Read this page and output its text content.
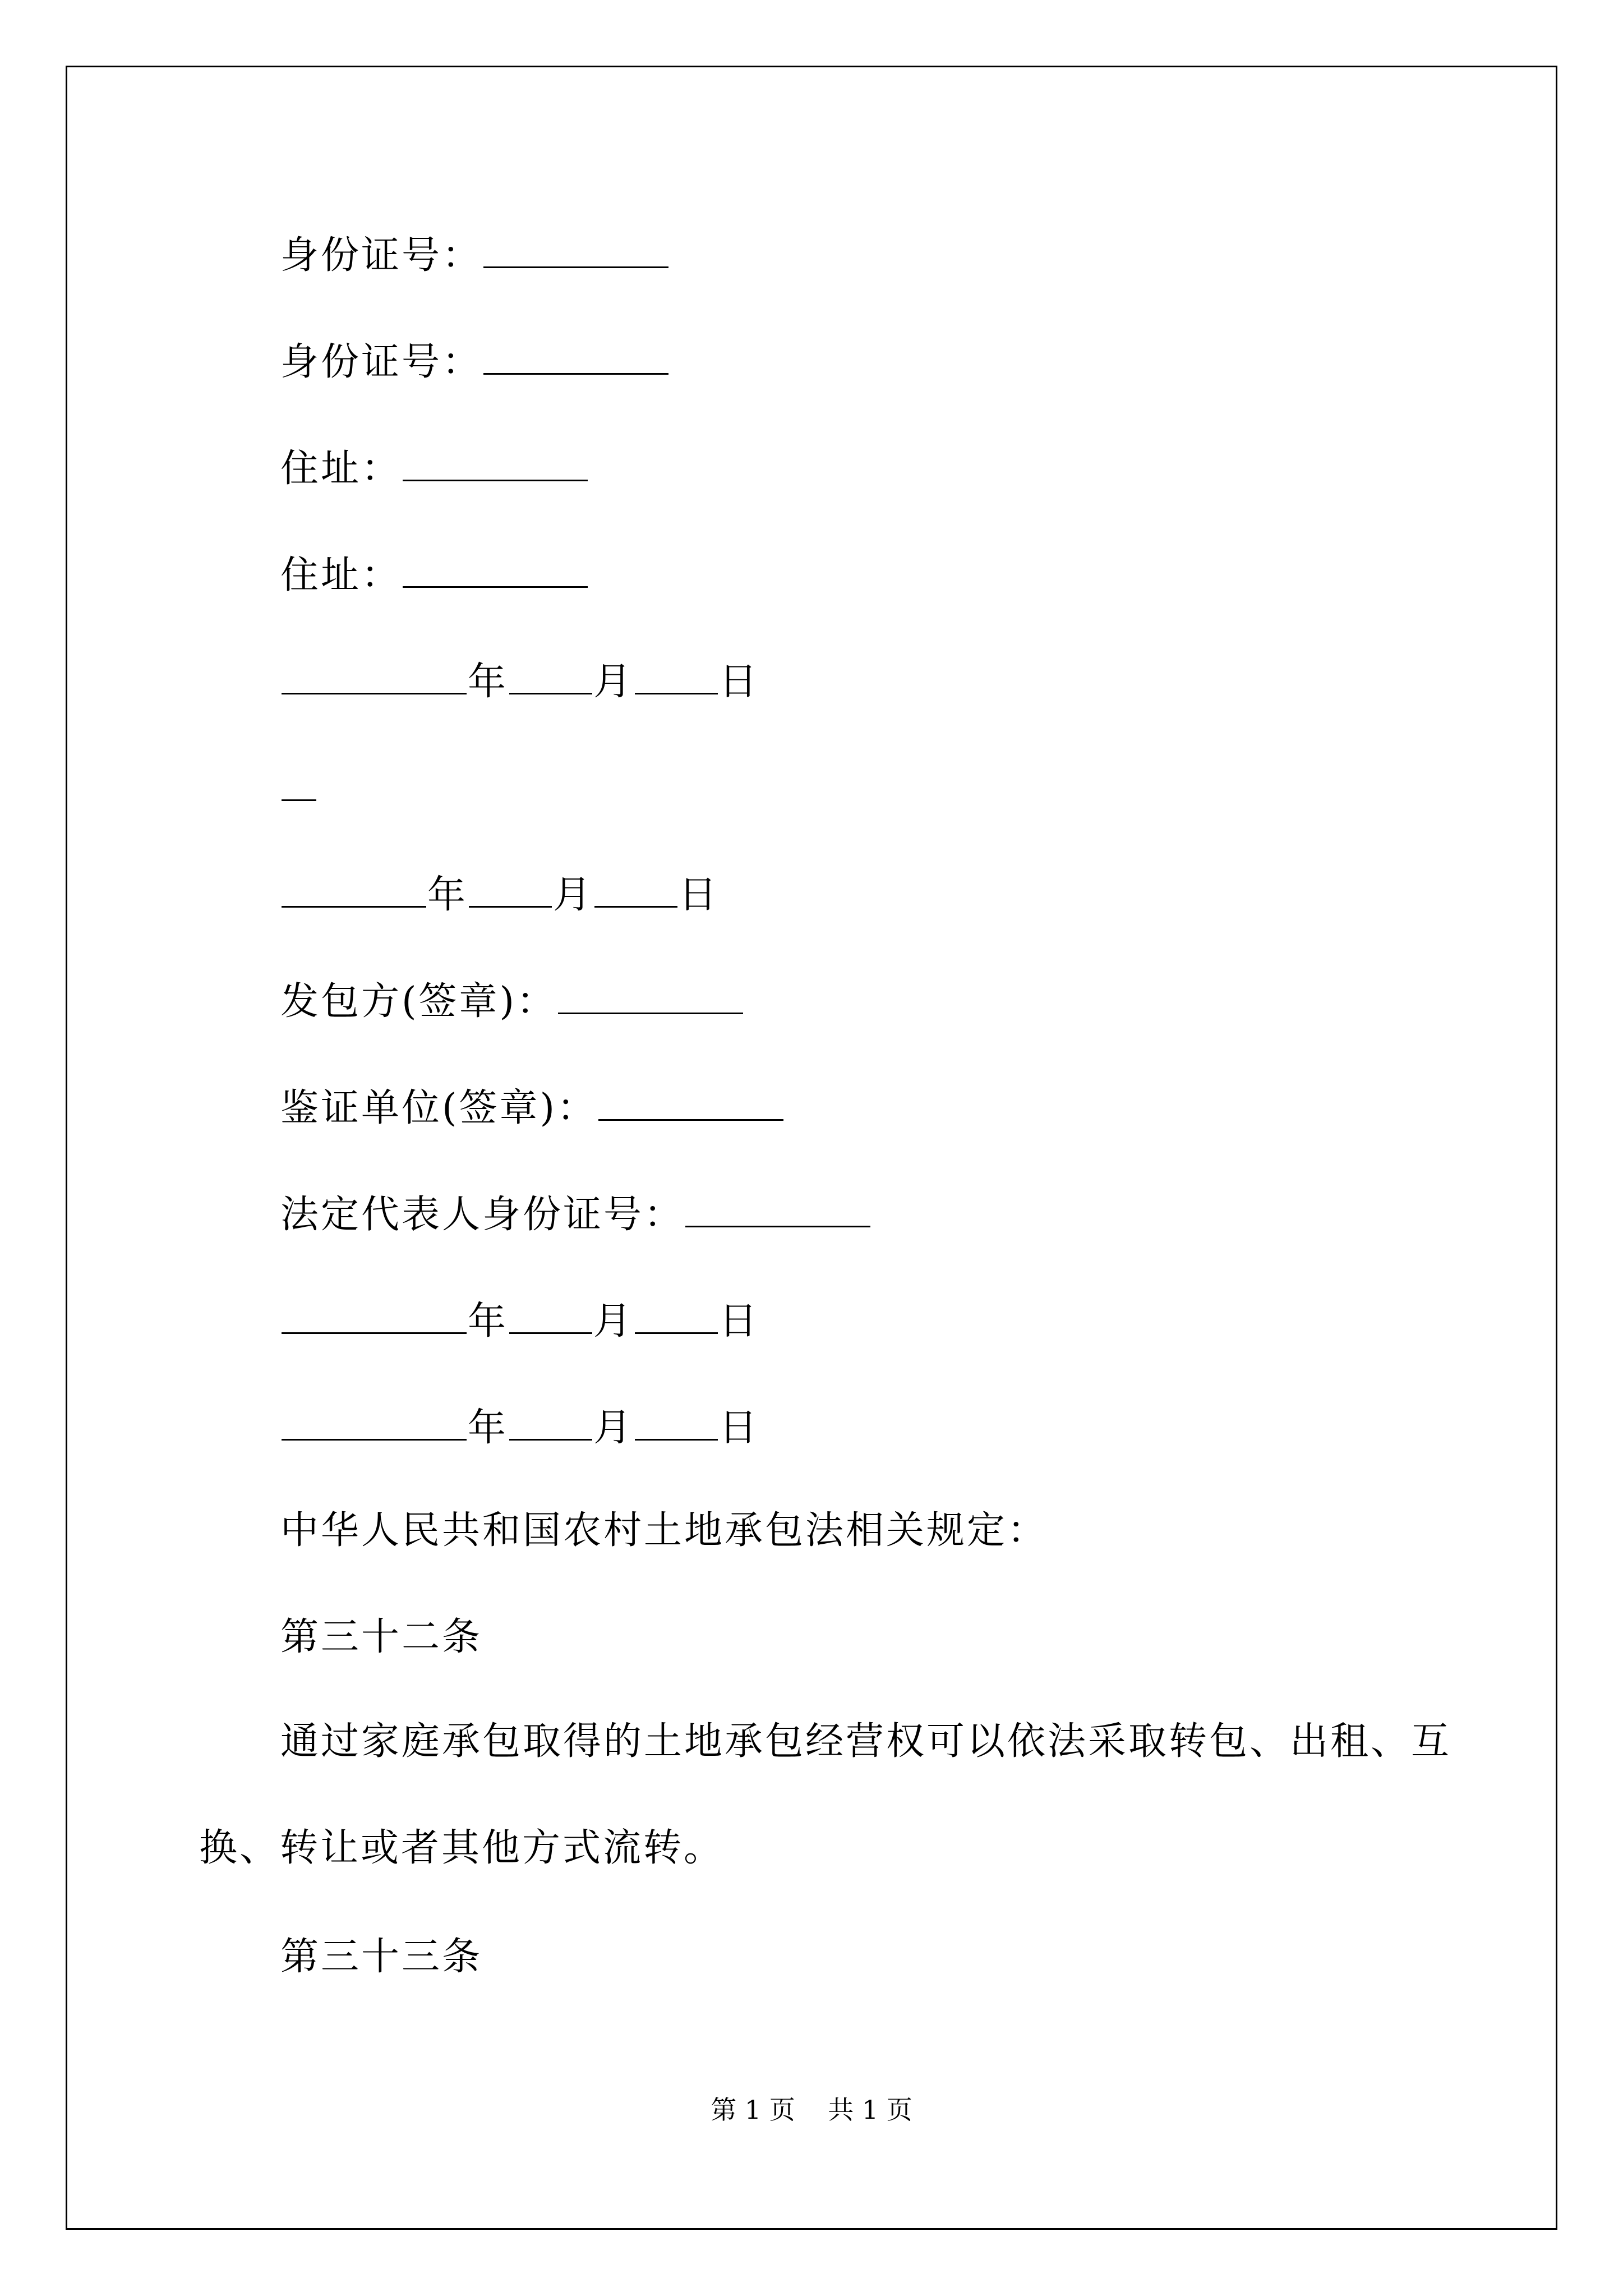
身份证号：
身份证号：
住址：
住址：
年 月 日
年 月 日
发包方(签章)：
鉴证单位(签章)：
法定代表人身份证号：
年 月 日
年 月 日
中华人民共和国农村土地承包法相关规定：
第三十二条
通过家庭承包取得的土地承包经营权可以依法采取转包、出租、互换、转让或者其他方式流转。
第三十三条
第 1 页    共 1 页
